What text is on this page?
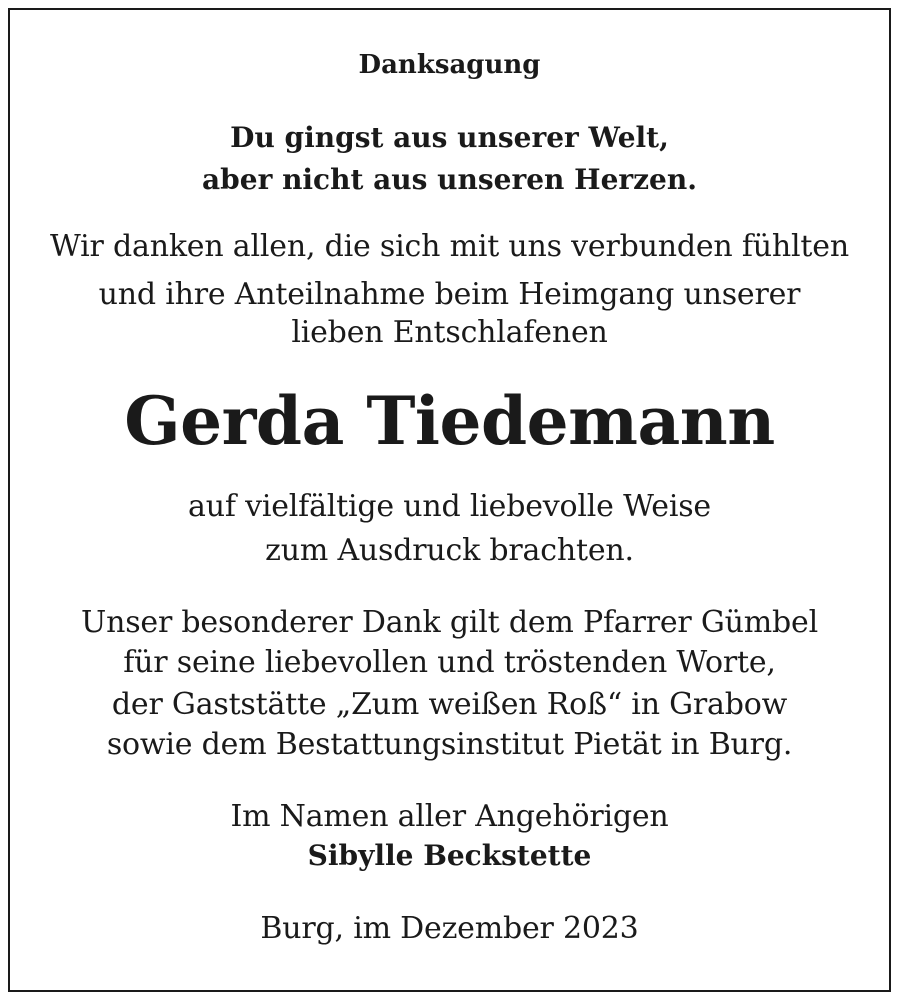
Danksagung
Du gingst aus unserer Welt,
aber nicht aus unseren Herzen.
Wir danken allen, die sich mit uns verbunden fühlten
und ihre Anteilnahme beim Heimgang unserer
lieben Entschlafenen
Gerda Tiedemann
auf vielfältige und liebevolle Weise
zum Ausdruck brachten.
Unser besonderer Dank gilt dem Pfarrer Gümbel
für seine liebevollen und tröstenden Worte,
der Gaststätte „Zum weißen Roß“ in Grabow
sowie dem Bestattungsinstitut Pietät in Burg.
Im Namen aller Angehörigen
Sibylle Beckstette
Burg, im Dezember 2023
